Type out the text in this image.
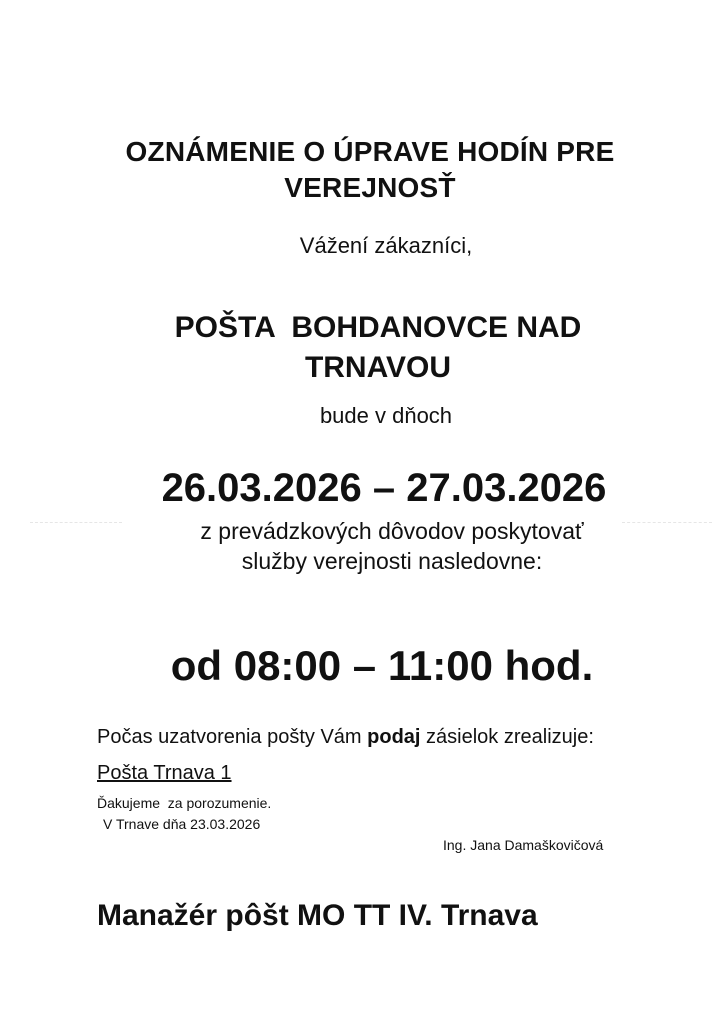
OZNÁMENIE O ÚPRAVE HODÍN PRE
VEREJNOSŤ
Vážení zákazníci,
POŠTA  BOHDANOVCE NAD
TRNAVOU
bude v dňoch
26.03.2026 – 27.03.2026
z prevádzkových dôvodov poskytovať
služby verejnosti nasledovne:
od 08:00 – 11:00 hod.
Počas uzatvorenia pošty Vám podaj zásielok zrealizuje:
Pošta Trnava 1
Ďakujeme  za porozumenie.
V Trnave dňa 23.03.2026
Ing. Jana Damaškovičová
Manažér pôšt MO TT IV. Trnava
